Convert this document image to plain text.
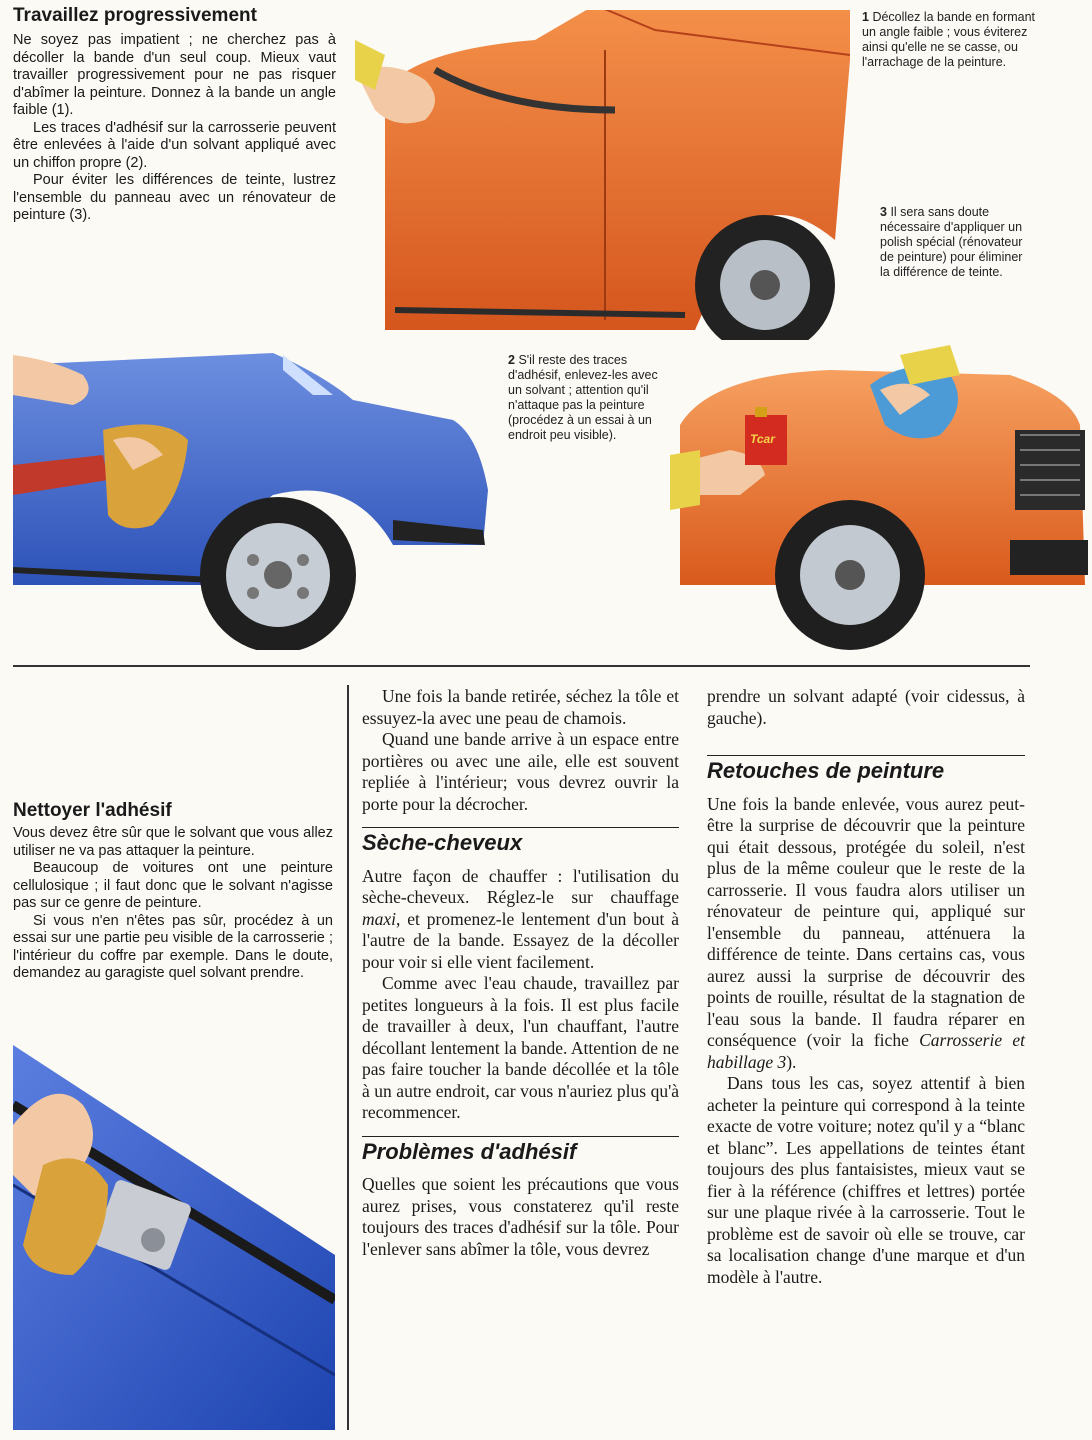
Travaillez progressivement

Ne soyez pas impatient ; ne cherchez pas à décoller la bande d'un seul coup. Mieux vaut travailler progressivement pour ne pas risquer d'abîmer la peinture. Donnez à la bande un angle faible (1).

Les traces d'adhésif sur la carrosserie peuvent être enlevées à l'aide d'un solvant appliqué avec un chiffon propre (2).

Pour éviter les différences de teinte, lustrez l'ensemble du panneau avec un rénovateur de peinture (3).

1 Décollez la bande en formant un angle faible ; vous éviterez ainsi qu'elle ne se casse, ou l'arrachage de la peinture.
3 Il sera sans doute nécessaire d'appliquer un polish spécial (rénovateur de peinture) pour éliminer la différence de teinte.
2 S'il reste des traces d'adhésif, enlevez-les avec un solvant ; attention qu'il n'attaque pas la peinture (procédez à un essai à un endroit peu visible).	Tcar
Nettoyer l'adhésif

Vous devez être sûr que le solvant que vous allez utiliser ne va pas attaquer la peinture.

Beaucoup de voitures ont une peinture cellulosique ; il faut donc que le solvant n'agisse pas sur ce genre de peinture.

Si vous n'en n'êtes pas sûr, procédez à un essai sur une partie peu visible de la carrosserie ; l'intérieur du coffre par exemple. Dans le doute, demandez au garagiste quel solvant prendre.

Une fois la bande retirée, séchez la tôle et essuyez-la avec une peau de chamois.

Quand une bande arrive à un espace entre portières ou avec une aile, elle est souvent repliée à l'intérieur; vous devrez ouvrir la porte pour la décrocher.

Sèche-cheveux

Autre façon de chauffer : l'utilisation du sèche-cheveux. Réglez-le sur chauffage maxi, et promenez-le lentement d'un bout à l'autre de la bande. Essayez de la décoller pour voir si elle vient facilement.

Comme avec l'eau chaude, travaillez par petites longueurs à la fois. Il est plus facile de travailler à deux, l'un chauffant, l'autre décollant lentement la bande. Attention de ne pas faire toucher la bande décollée et la tôle à un autre endroit, car vous n'auriez plus qu'à recommencer.

Problèmes d'adhésif

Quelles que soient les précautions que vous aurez prises, vous constaterez qu'il reste toujours des traces d'adhésif sur la tôle. Pour l'enlever sans abîmer la tôle, vous devrez

prendre un solvant adapté (voir cidessus, à gauche).

Retouches de peinture

Une fois la bande enlevée, vous aurez peut-être la surprise de découvrir que la peinture qui était dessous, protégée du soleil, n'est plus de la même couleur que le reste de la carrosserie. Il vous faudra alors utiliser un rénovateur de peinture qui, appliqué sur l'ensemble du panneau, atténuera la différence de teinte. Dans certains cas, vous aurez aussi la surprise de découvrir des points de rouille, résultat de la stagnation de l'eau sous la bande. Il faudra réparer en conséquence (voir la fiche Carrosserie et habillage 3).

Dans tous les cas, soyez attentif à bien acheter la peinture qui correspond à la teinte exacte de votre voiture; notez qu'il y a “blanc et blanc”. Les appellations de teintes étant toujours des plus fantaisistes, mieux vaut se fier à la référence (chiffres et lettres) portée sur une plaque rivée à la carrosserie. Tout le problème est de savoir où elle se trouve, car sa localisation change d'une marque et d'un modèle à l'autre.
